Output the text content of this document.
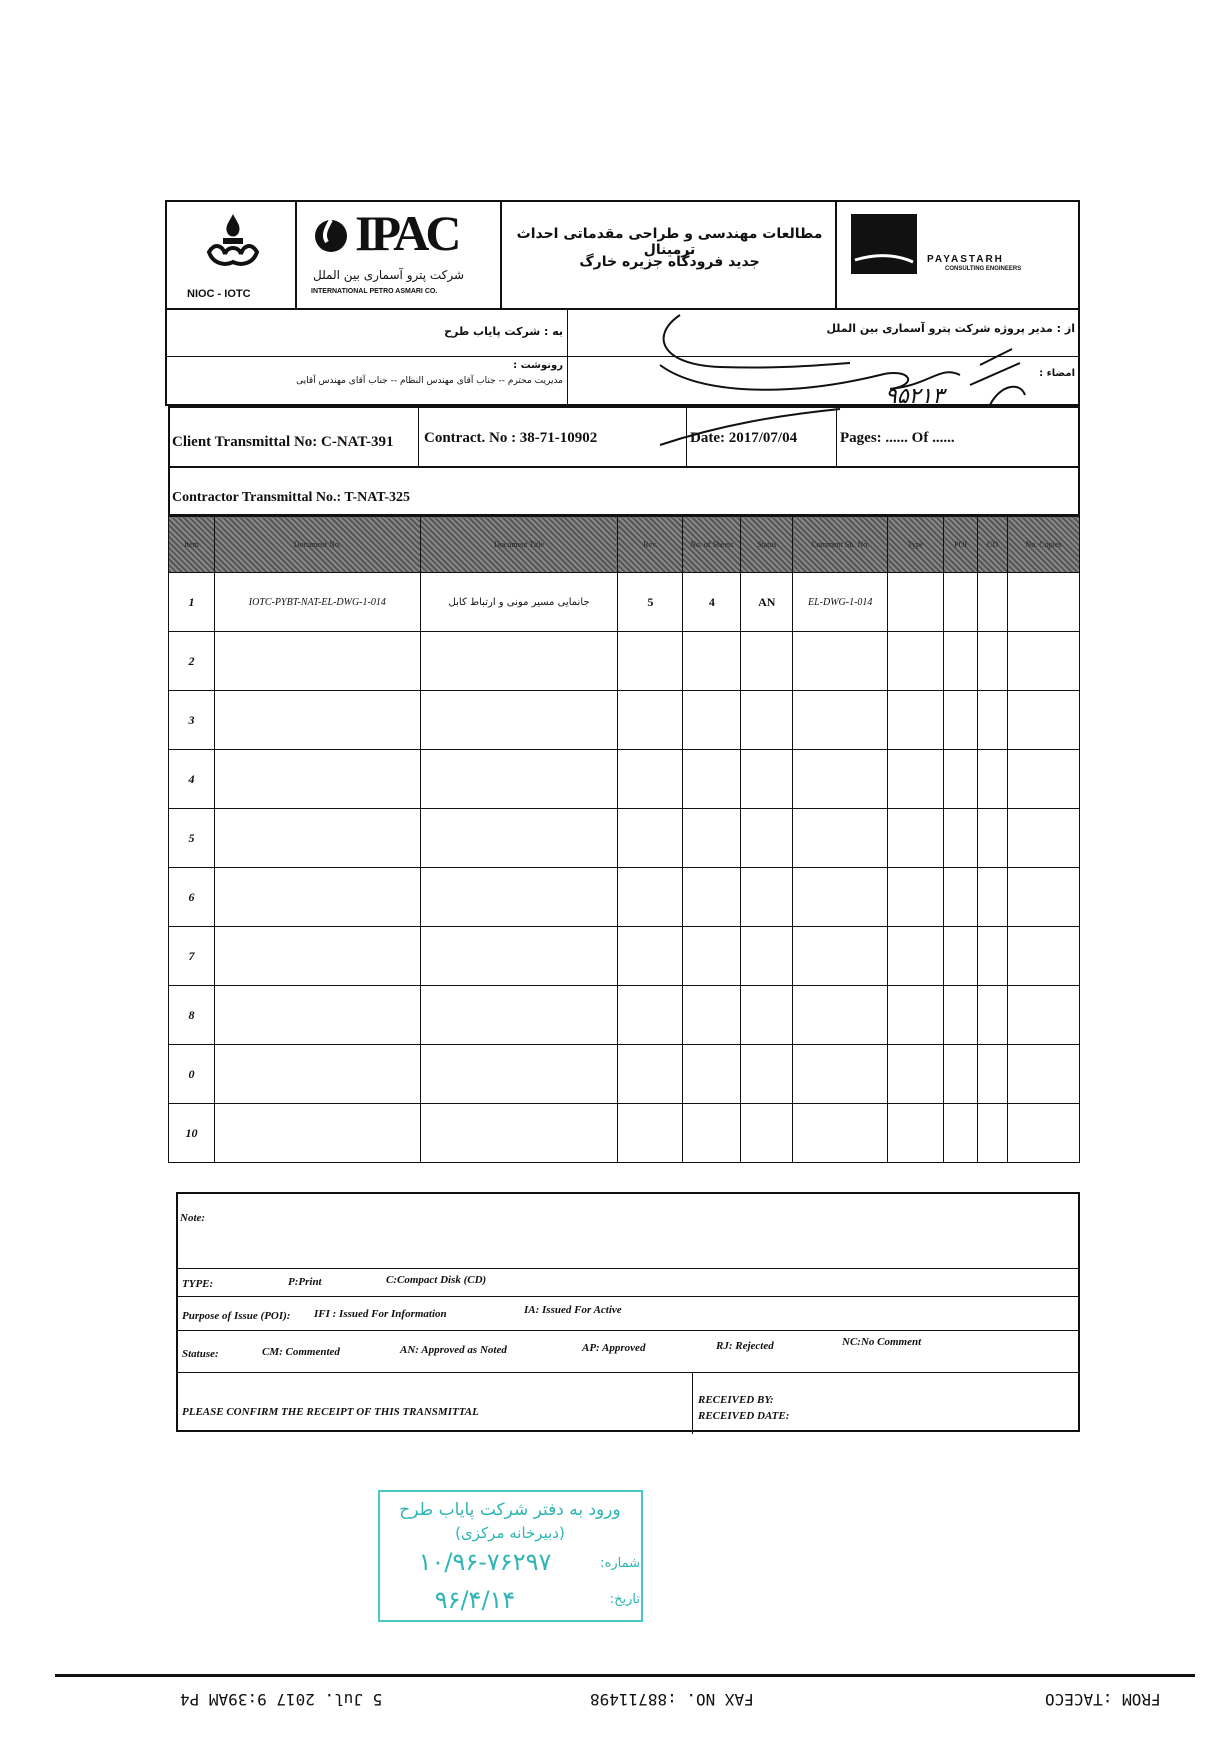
NIOC - IOTC
IPAC
شرکت پترو آسماری بین الملل
INTERNATIONAL PETRO ASMARI CO.
مطالعات مهندسی و طراحی مقدماتی احداث ترمینال
جدید فرودگاه جزیره خارگ	PAYASTARH
CONSULTING ENGINEERS
به : شرکت پایاب طرح	از : مدیر پروژه شرکت پترو آسماری بین الملل
رونوشت :
مدیریت محترم -- جناب آقای مهندس النظام -- جناب آقای مهندس آقایی
امضاء :
۹۵۲۱۳
Client Transmittal No: C-NAT-391 Contract. No : 38-71-10902	Date: 2017/07/04	Pages: ...... Of ......
Contractor Transmittal No.: T-NAT-325
Item	Document No.	Document Title	Rev.	No. of Sheets	Status	Comment Sh. No.	Type	POI	CD	No. Copies
1	IOTC-PYBT-NAT-EL-DWG-1-014	جانمایی مسیر مونی و ارتباط کابل	5	4	AN	EL-DWG-1-014				
2										
3										
4										
5										
6										
7										
8										
0										
10										
Note:
TYPE:	P:Print	C:Compact Disk (CD)
Purpose of Issue (POI): IFI : Issued For Information	IA: Issued For Active
Statuse:	CM: Commented	AN: Approved as Noted	AP: Approved	RJ: Rejected	NC:No Comment
PLEASE CONFIRM THE RECEIPT OF THIS TRANSMITTAL
RECEIVED BY:
RECEIVED DATE:
ورود به دفتر شرکت پایاب طرح
(دبیرخانه مرکزی)
شماره:
۱۰/۹۶-۷۶۲۹۷
تاریخ:
۹۶/۴/۱۴
FROM :TACECO
FAX NO. :88711498
5 Jul. 2017 9:39AM P4
